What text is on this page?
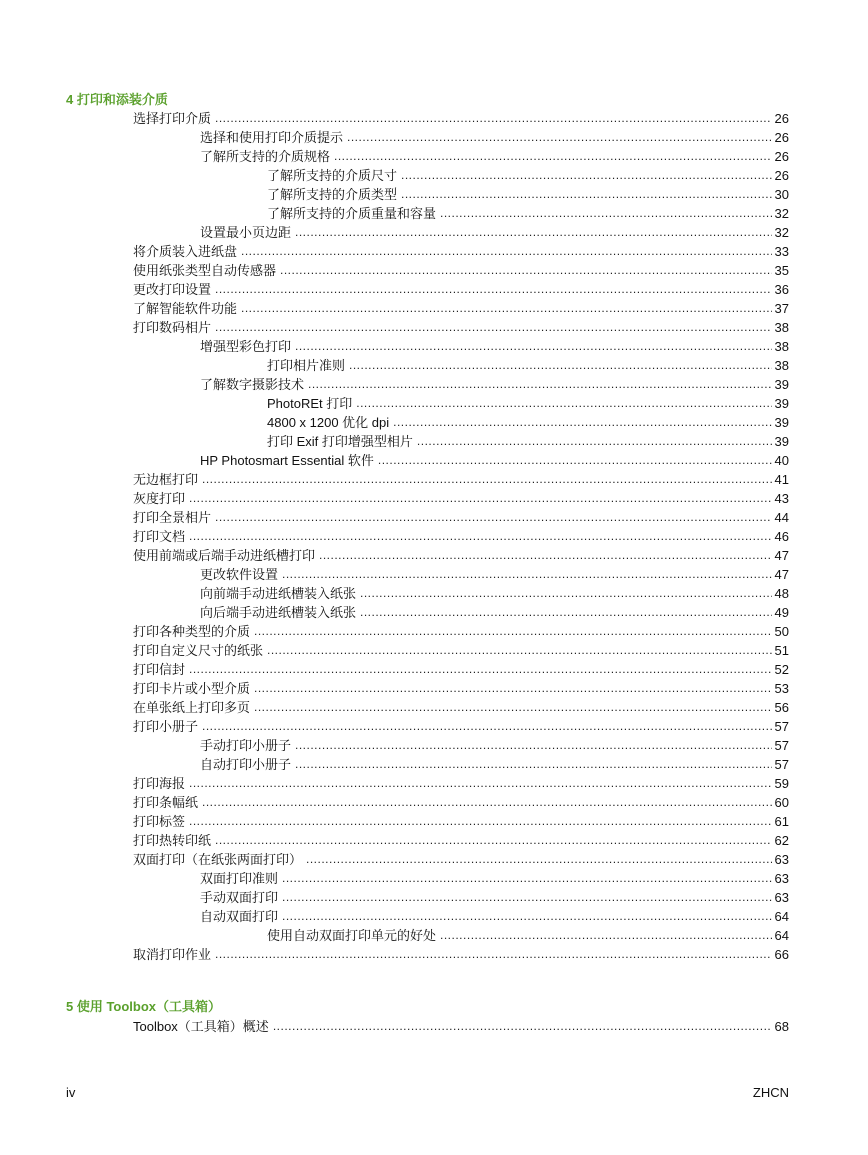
4 打印和添装介质
5 使用 Toolbox（工具箱）
选择打印介质 .....	26
选择和使用打印介质提示 .....	26
了解所支持的介质规格 .....	26
了解所支持的介质尺寸 .....	26
了解所支持的介质类型 .....	30
了解所支持的介质重量和容量 .....	32
设置最小页边距 .....	32
将介质装入进纸盘 .....	33
使用纸张类型自动传感器 .....	35
更改打印设置 .....	36
了解智能软件功能 .....	37
打印数码相片 .....	38
增强型彩色打印 .....	38
打印相片准则 .....	38
了解数字摄影技术 .....	39
PhotoREt 打印 .....	39
4800 x 1200 优化 dpi .....	39
打印 Exif 打印增强型相片 .....	39
HP Photosmart Essential 软件 .....	40
无边框打印 .....	41
灰度打印 .....	43
打印全景相片 .....	44
打印文档 .....	46
使用前端或后端手动进纸槽打印 .....	47
更改软件设置 .....	47
向前端手动进纸槽装入纸张 .....	48
向后端手动进纸槽装入纸张 .....	49
打印各种类型的介质 .....	50
打印自定义尺寸的纸张 .....	51
打印信封 .....	52
打印卡片或小型介质 .....	53
在单张纸上打印多页 .....	56
打印小册子 .....	57
手动打印小册子 .....	57
自动打印小册子 .....	57
打印海报 .....	59
打印条幅纸 .....	60
打印标签 .....	61
打印热转印纸 .....	62
双面打印（在纸张两面打印） .....	63
双面打印准则 .....	63
手动双面打印 .....	63
自动双面打印 .....	64
使用自动双面打印单元的好处 .....	64
取消打印作业 .....	66
Toolbox（工具箱）概述 .....	68
iv	ZHCN
